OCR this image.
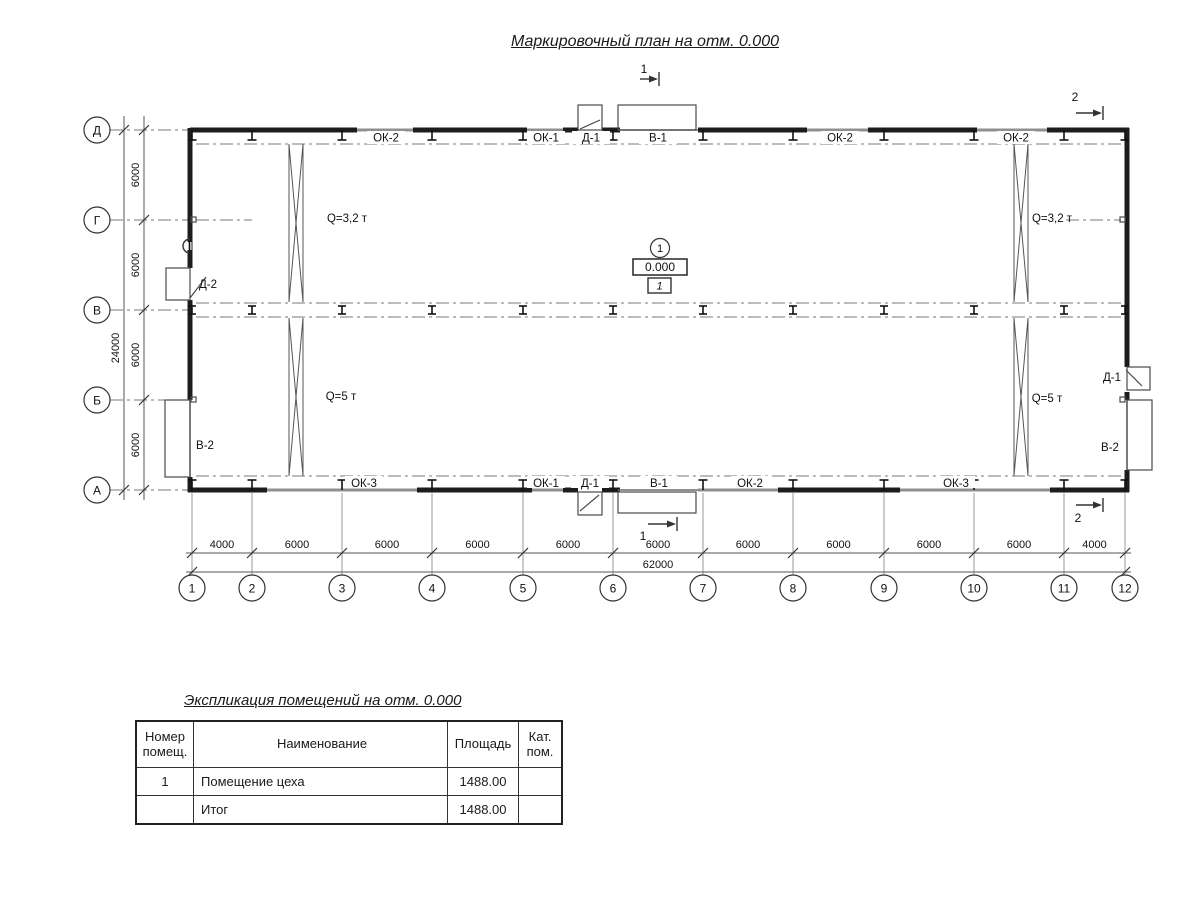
Маркировочный план на отм. 0.000
6000
6000
6000
6000
24000
4000	6000	6000	6000	6000	6000	6000	6000	6000	6000	4000
62000
Д
Г
В
Б
А
1	2	3	4	5	6	7	8	9	10	11	12
Q=3,2 т
Q=5 т
Q=3,2 т
Q=5 т
1
0.000
1
1
1
2
2
ОК-2	ОК-1 Д-1	В-1	ОК-2	ОК-2
ОК-3	ОК-1 Д-1	В-1	ОК-2	ОК-3
Д-2
В-2
Д-1
В-2
Экспликация помещений на отм. 0.000
Номер помещ.	Наименование	Площадь	Кат. пом.
1	Помещение цеха	1488.00	
	Итог	1488.00	
